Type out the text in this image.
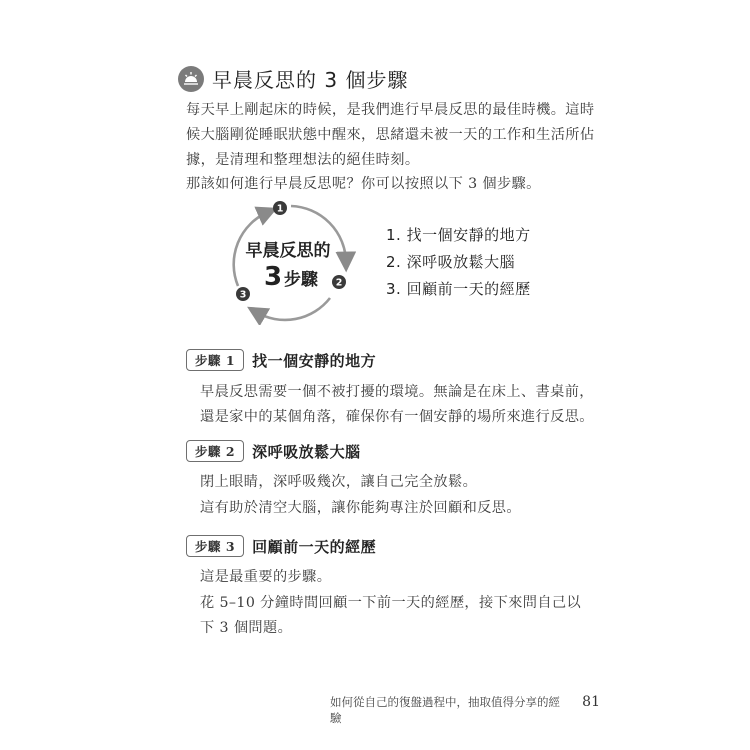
早晨反思的 3 個步驟

每天早上剛起床的時候，是我們進行早晨反思的最佳時機。這時候大腦剛從睡眠狀態中醒來，思緒還未被一天的工作和生活所佔據，是清理和整理想法的絕佳時刻。

那該如何進行早晨反思呢？你可以按照以下 3 個步驟。

1
2
3
早晨反思的
3 步驟
1. 找一個安靜的地方
2. 深呼吸放鬆大腦
3. 回顧前一天的經歷
步驟 1	找一個安靜的地方

早晨反思需要一個不被打擾的環境。無論是在床上、書桌前，還是家中的某個角落，確保你有一個安靜的場所來進行反思。

步驟 2	深呼吸放鬆大腦

閉上眼睛，深呼吸幾次，讓自己完全放鬆。

這有助於清空大腦，讓你能夠專注於回顧和反思。

步驟 3	回顧前一天的經歷

這是最重要的步驟。

花 5–10 分鐘時間回顧一下前一天的經歷，接下來問自己以下 3 個問題。

如何從自己的復盤過程中，抽取值得分享的經驗
81
